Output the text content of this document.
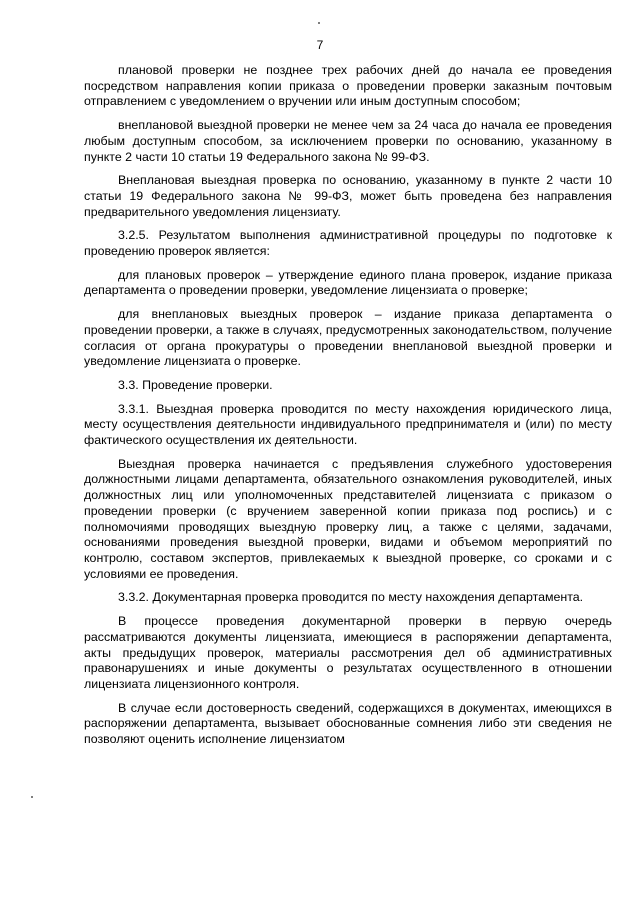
7

плановой проверки не позднее трех рабочих дней до начала ее проведения посредством направления копии приказа о проведении проверки заказным почтовым отправлением с уведомлением о вручении или иным доступным способом;

внеплановой выездной проверки не менее чем за 24 часа до начала ее проведения любым доступным способом, за исключением проверки по основанию, указанному в пункте 2 части 10 статьи 19 Федерального закона № 99-ФЗ.

Внеплановая выездная проверка по основанию, указанному в пункте 2 части 10 статьи 19 Федерального закона № 99-ФЗ, может быть проведена без направления предварительного уведомления лицензиату.

3.2.5. Результатом выполнения административной процедуры по подготовке к проведению проверок является:

для плановых проверок – утверждение единого плана проверок, издание приказа департамента о проведении проверки, уведомление лицензиата о проверке;

для внеплановых выездных проверок – издание приказа департамента о проведении проверки, а также в случаях, предусмотренных законодательством, получение согласия от органа прокуратуры о проведении внеплановой выездной проверки и уведомление лицензиата о проверке.

3.3. Проведение проверки.

3.3.1. Выездная проверка проводится по месту нахождения юридического лица, месту осуществления деятельности индивидуального предпринимателя и (или) по месту фактического осуществления их деятельности.

Выездная проверка начинается с предъявления служебного удостоверения должностными лицами департамента, обязательного ознакомления руководителей, иных должностных лиц или уполномоченных представителей лицензиата с приказом о проведении проверки (с вручением заверенной копии приказа под роспись) и с полномочиями проводящих выездную проверку лиц, а также с целями, задачами, основаниями проведения выездной проверки, видами и объемом мероприятий по контролю, составом экспертов, привлекаемых к выездной проверке, со сроками и с условиями ее проведения.

3.3.2. Документарная проверка проводится по месту нахождения департамента.

В процессе проведения документарной проверки в первую очередь рассматриваются документы лицензиата, имеющиеся в распоряжении департамента, акты предыдущих проверок, материалы рассмотрения дел об административных правонарушениях и иные документы о результатах осуществленного в отношении лицензиата лицензионного контроля.

В случае если достоверность сведений, содержащихся в документах, имеющихся в распоряжении департамента, вызывает обоснованные сомнения либо эти сведения не позволяют оценить исполнение лицензиатом
